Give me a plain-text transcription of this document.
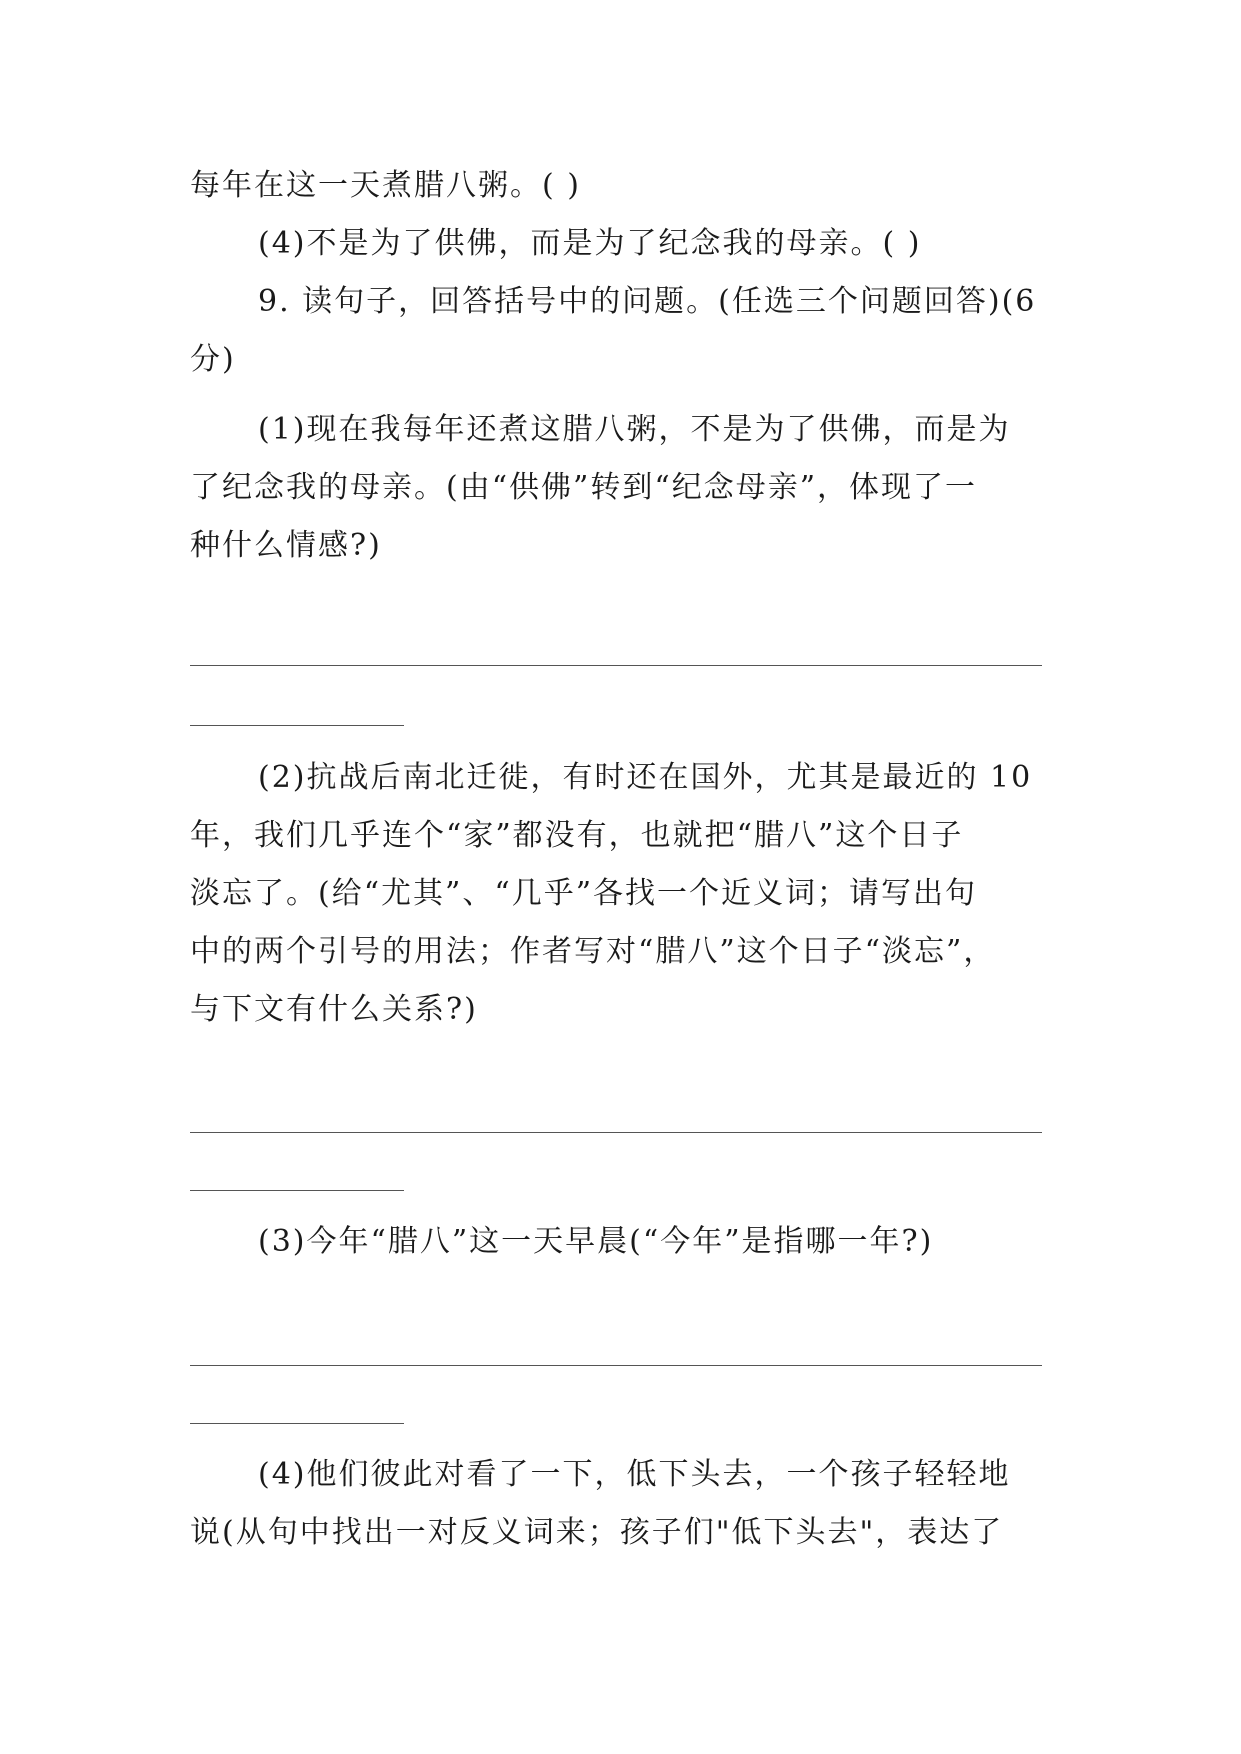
每年在这一天煮腊八粥。( )
(4)不是为了供佛，而是为了纪念我的母亲。( )
9. 读句子，回答括号中的问题。(任选三个问题回答)(6
分)
(1)现在我每年还煮这腊八粥，不是为了供佛，而是为
了纪念我的母亲。(由“供佛”转到“纪念母亲”，体现了一
种什么情感?)
(2)抗战后南北迁徙，有时还在国外，尤其是最近的 10
年，我们几乎连个“家”都没有，也就把“腊八”这个日子
淡忘了。(给“尤其”、“几乎”各找一个近义词；请写出句
中的两个引号的用法；作者写对“腊八”这个日子“淡忘”，
与下文有什么关系?)
(3)今年“腊八”这一天早晨(“今年”是指哪一年?)
(4)他们彼此对看了一下，低下头去，一个孩子轻轻地
说(从句中找出一对反义词来；孩子们"低下头去"，表达了
